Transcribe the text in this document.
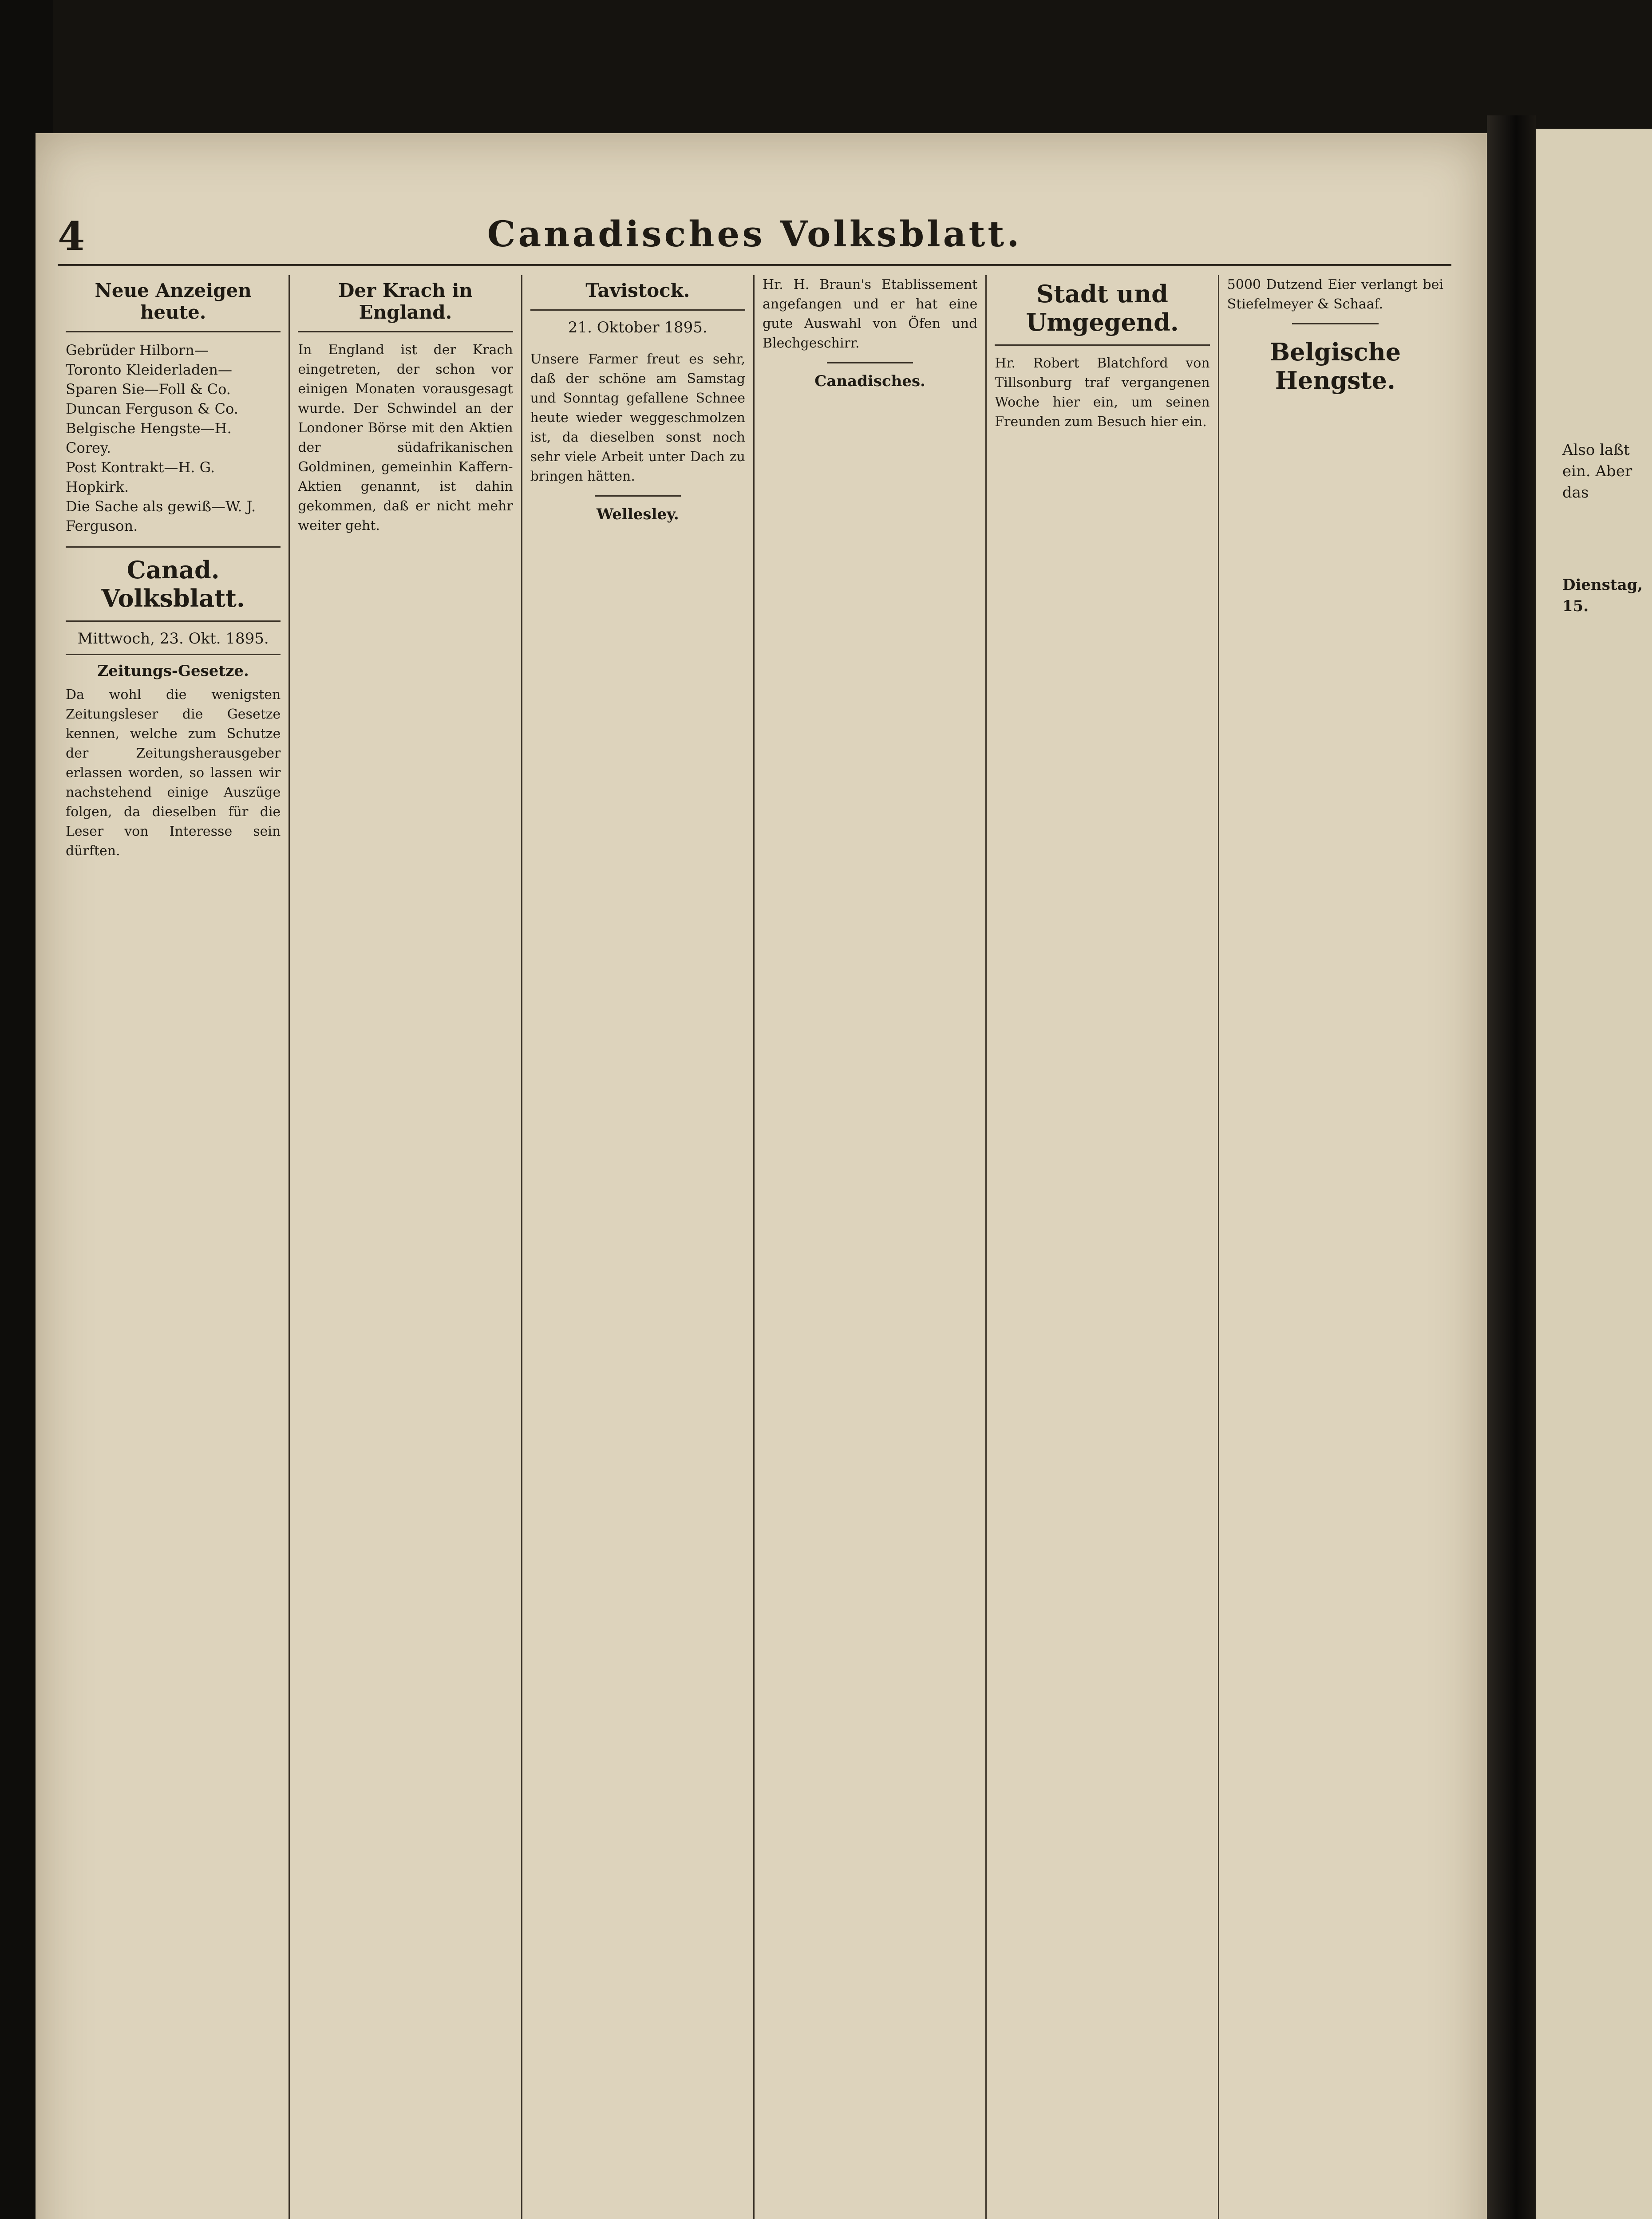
Also laßt
ein. Aber das
Dienstag, 15.
4	Canadisches Volksblatt.
Neue Anzeigen heute.
Gebrüder Hilborn—
Toronto Kleiderladen—
Sparen Sie—Foll & Co.
Duncan Ferguson & Co.
Belgische Hengste—H. Corey.
Post Kontrakt—H. G. Hopkirk.
Die Sache als gewiß—W. J. Ferguson.
Canad. Volksblatt.
Mittwoch, 23. Okt. 1895.
Zeitungs-Gesetze.

Da wohl die wenigsten Zeitungsleser die Gesetze kennen, welche zum Schutze der Zeitungsherausgeber erlassen worden, so lassen wir nachstehend einige Auszüge folgen, da dieselben für die Leser von Interesse sein dürften.

Der Krach in England.

In England ist der Krach eingetreten, der schon vor einigen Monaten vorausgesagt wurde. Der Schwindel an der Londoner Börse mit den Aktien der südafrikanischen Goldminen, gemeinhin Kaffern-Aktien genannt, ist dahin gekommen, daß er nicht mehr weiter geht.

Tavistock.
21. Oktober 1895.

Unsere Farmer freut es sehr, daß der schöne am Samstag und Sonntag gefallene Schnee heute wieder weggeschmolzen ist, da dieselben sonst noch sehr viele Arbeit unter Dach zu bringen hätten.

Wellesley.

Hr. H. Braun's Etablissement angefangen und er hat eine gute Auswahl von Öfen und Blechgeschirr.

Canadisches.
Stadt und Umgegend.

Hr. Robert Blatchford von Tillsonburg traf vergangenen Woche hier ein, um seinen Freunden zum Besuch hier ein.

5000 Dutzend Eier verlangt bei Stiefelmeyer & Schaaf.

Belgische Hengste.
